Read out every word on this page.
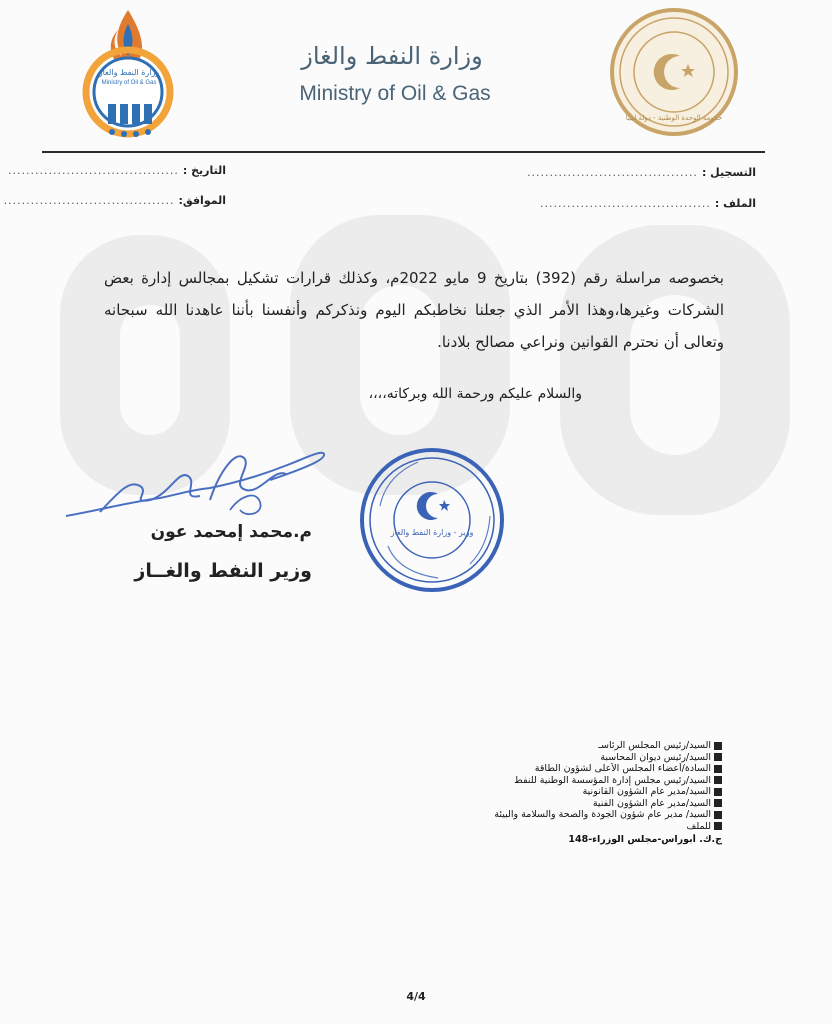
وزارة النفط والغاز
Ministry of Oil & Gas
وزارة النفط والغاز
Ministry of Oil & Gas
حكومة الوحدة الوطنية - دولة ليبيا
التسجيل :
......................................
الملف :
......................................
التاريخ :
......................................
الموافق:
......................................
بخصوصه مراسلة رقم (392) بتاريخ 9 مايو 2022م، وكذلك قرارات تشكيل بمجالس إدارة بعض الشركات وغيرها،وهذا الأمر الذي جعلنا نخاطبكم اليوم ونذكركم وأنفسنا بأننا عاهدنا الله سبحانه وتعالى أن نحترم القوانين ونراعي مصالح بلادنا.
والسلام عليكم ورحمة الله وبركاته،،،،
وزير - وزارة النفط والغاز
م.محمد إمحمد عون
وزير النفط والغــاز
السيد/رئيس المجلس الرئاسـ
السيد/رئيس ديوان المحاسبة
السادة/أعضاء المجلس الأعلى لشؤون الطاقة
السيد/رئيس مجلس إدارة المؤسسة الوطنية للنفط
السيد/مدير عام الشؤون القانونية
السيد/مدير عام الشؤون الفنية
السيد/ مدير عام شؤون الجودة والصحة والسلامة والبيئة
للملف
ج.ك. أبوراس-مجلس الوزراء-148
4/4
